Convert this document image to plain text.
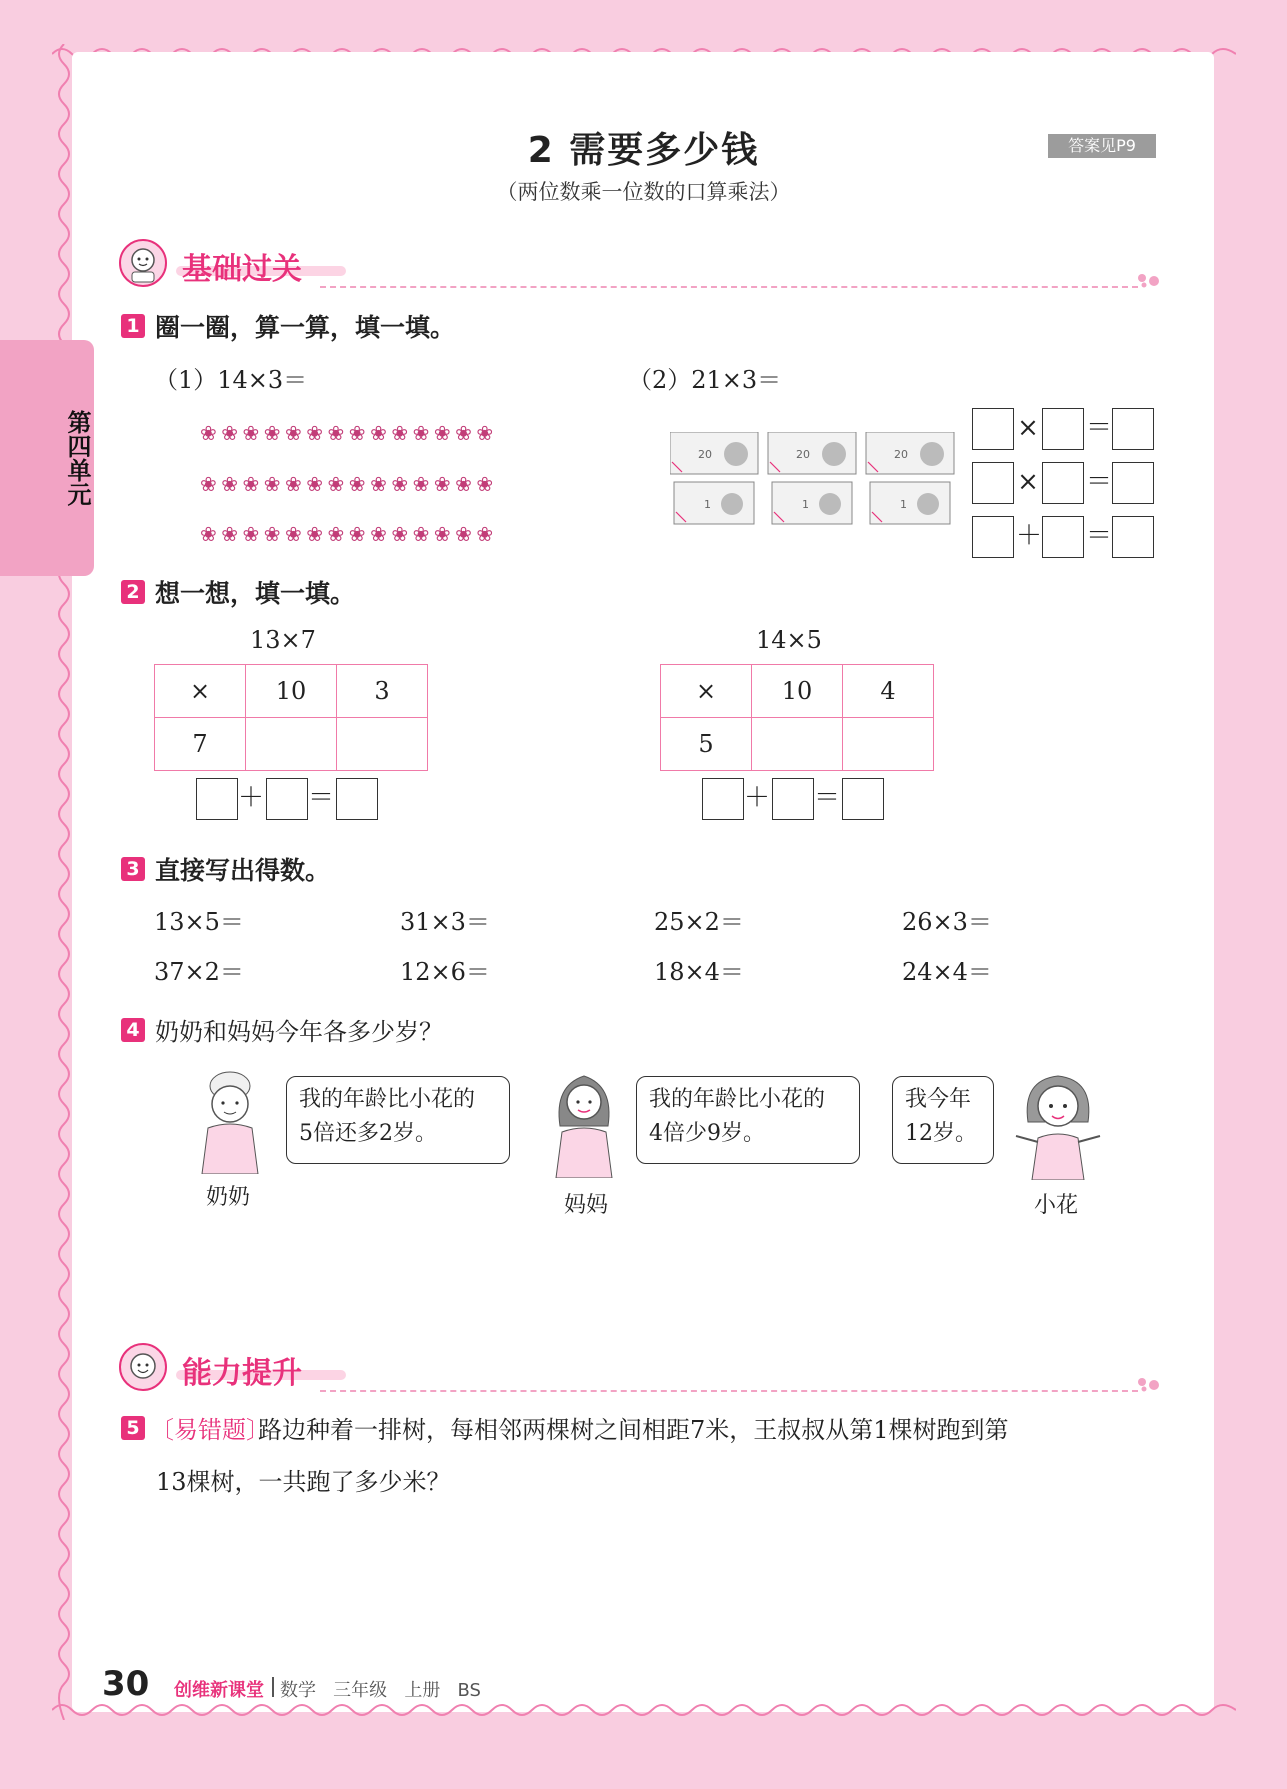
第四单元
2 需要多少钱
（两位数乘一位数的口算乘法）
答案见P9
基础过关
1 圈一圈，算一算，填一填。
（1）14×3＝	（2）21×3＝
❀❀❀❀❀❀❀❀❀❀❀❀❀❀
❀❀❀❀❀❀❀❀❀❀❀❀❀❀
❀❀❀❀❀❀❀❀❀❀❀❀❀❀
20	20	20
1	1	1
× ＝
× ＝
＋ ＝
2 想一想，填一填。
13×7
×	10	3
7		
＋ ＝
14×5
×	10	4
5		
＋ ＝
3 直接写出得数。
13×5＝	31×3＝	25×2＝	26×3＝
37×2＝	12×6＝	18×4＝	24×4＝
4 奶奶和妈妈今年各多少岁？
奶奶
我的年龄比小花的
5倍还多2岁。
妈妈
我的年龄比小花的
4倍少9岁。
我今年
12岁。
小花
能力提升
5 〔易错题〕
路边种着一排树，每相邻两棵树之间相距7米，王叔叔从第1棵树跑到第
13棵树，一共跑了多少米？
30 创维新课堂 数学   三年级   上册   BS
